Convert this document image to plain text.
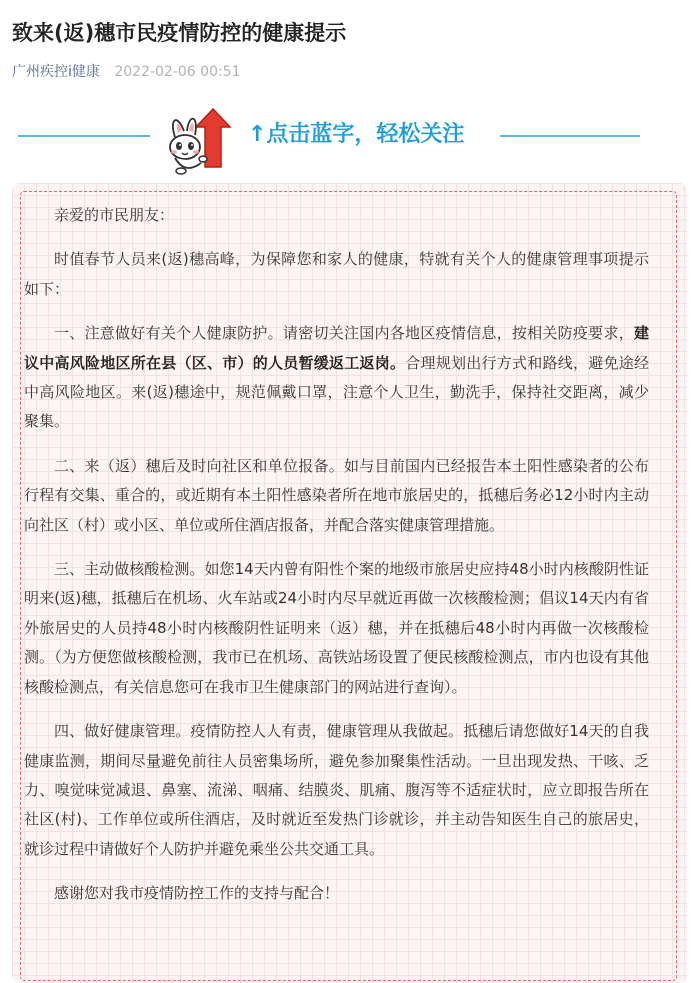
致来(返)穗市民疫情防控的健康提示
广州疾控i健康 2022-02-06 00:51
↑点击蓝字，轻松关注

亲爱的市民朋友：

时值春节人员来(返)穗高峰，为保障您和家人的健康，特就有关个人的健康管理事项提示如下：

一、注意做好有关个人健康防护。请密切关注国内各地区疫情信息，按相关防疫要求，建议中高风险地区所在县（区、市）的人员暂缓返工返岗。合理规划出行方式和路线，避免途经中高风险地区。来(返)穗途中，规范佩戴口罩，注意个人卫生，勤洗手，保持社交距离，减少聚集。

二、来（返）穗后及时向社区和单位报备。如与目前国内已经报告本土阳性感染者的公布行程有交集、重合的，或近期有本土阳性感染者所在地市旅居史的，抵穗后务必12小时内主动向社区（村）或小区、单位或所住酒店报备，并配合落实健康管理措施。

三、主动做核酸检测。如您14天内曾有阳性个案的地级市旅居史应持48小时内核酸阴性证明来(返)穗，抵穗后在机场、火车站或24小时内尽早就近再做一次核酸检测；倡议14天内有省外旅居史的人员持48小时内核酸阴性证明来（返）穗，并在抵穗后48小时内再做一次核酸检测。（为方便您做核酸检测，我市已在机场、高铁站场设置了便民核酸检测点，市内也设有其他核酸检测点，有关信息您可在我市卫生健康部门的网站进行查询）。

四、做好健康管理。疫情防控人人有责，健康管理从我做起。抵穗后请您做好14天的自我健康监测，期间尽量避免前往人员密集场所，避免参加聚集性活动。一旦出现发热、干咳、乏力、嗅觉味觉减退、鼻塞、流涕、咽痛、结膜炎、肌痛、腹泻等不适症状时，应立即报告所在社区(村)、工作单位或所住酒店，及时就近至发热门诊就诊，并主动告知医生自己的旅居史，就诊过程中请做好个人防护并避免乘坐公共交通工具。

感谢您对我市疫情防控工作的支持与配合！
